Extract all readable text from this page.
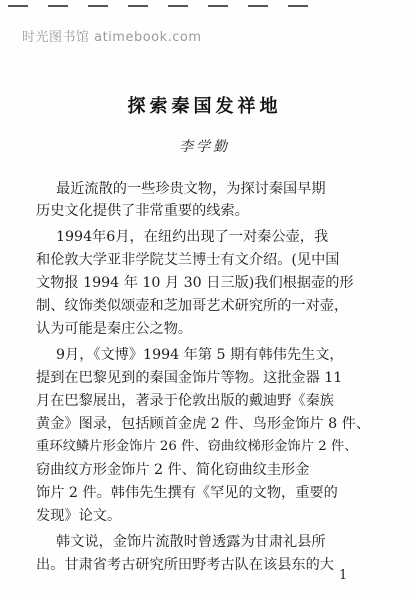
时光图书馆 atimebook.com
探索秦国发祥地
李学勤
最近流散的一些珍贵文物，为探讨秦国早期
历史文化提供了非常重要的线索。
1994年6月，在纽约出现了一对秦公壶，我
和伦敦大学亚非学院艾兰博士有文介绍。(见中国
文物报 1994 年 10 月 30 日三版)我们根据壶的形
制、纹饰类似颂壶和芝加哥艺术研究所的一对壶，
认为可能是秦庄公之物。
9月，《文博》1994 年第 5 期有韩伟先生文，
提到在巴黎见到的秦国金饰片等物。这批金器 11
月在巴黎展出，著录于伦敦出版的戴迪野《秦族
黄金》图录，包括顾首金虎 2 件、鸟形金饰片 8 件、
重环纹鳞片形金饰片 26 件、窃曲纹梯形金饰片 2 件、
窃曲纹方形金饰片 2 件、简化窃曲纹圭形金
饰片 2 件。韩伟先生撰有《罕见的文物，重要的
发现》论文。
韩文说，金饰片流散时曾透露为甘肃礼县所
出。甘肃省考古研究所田野考古队在该县东的大
1
